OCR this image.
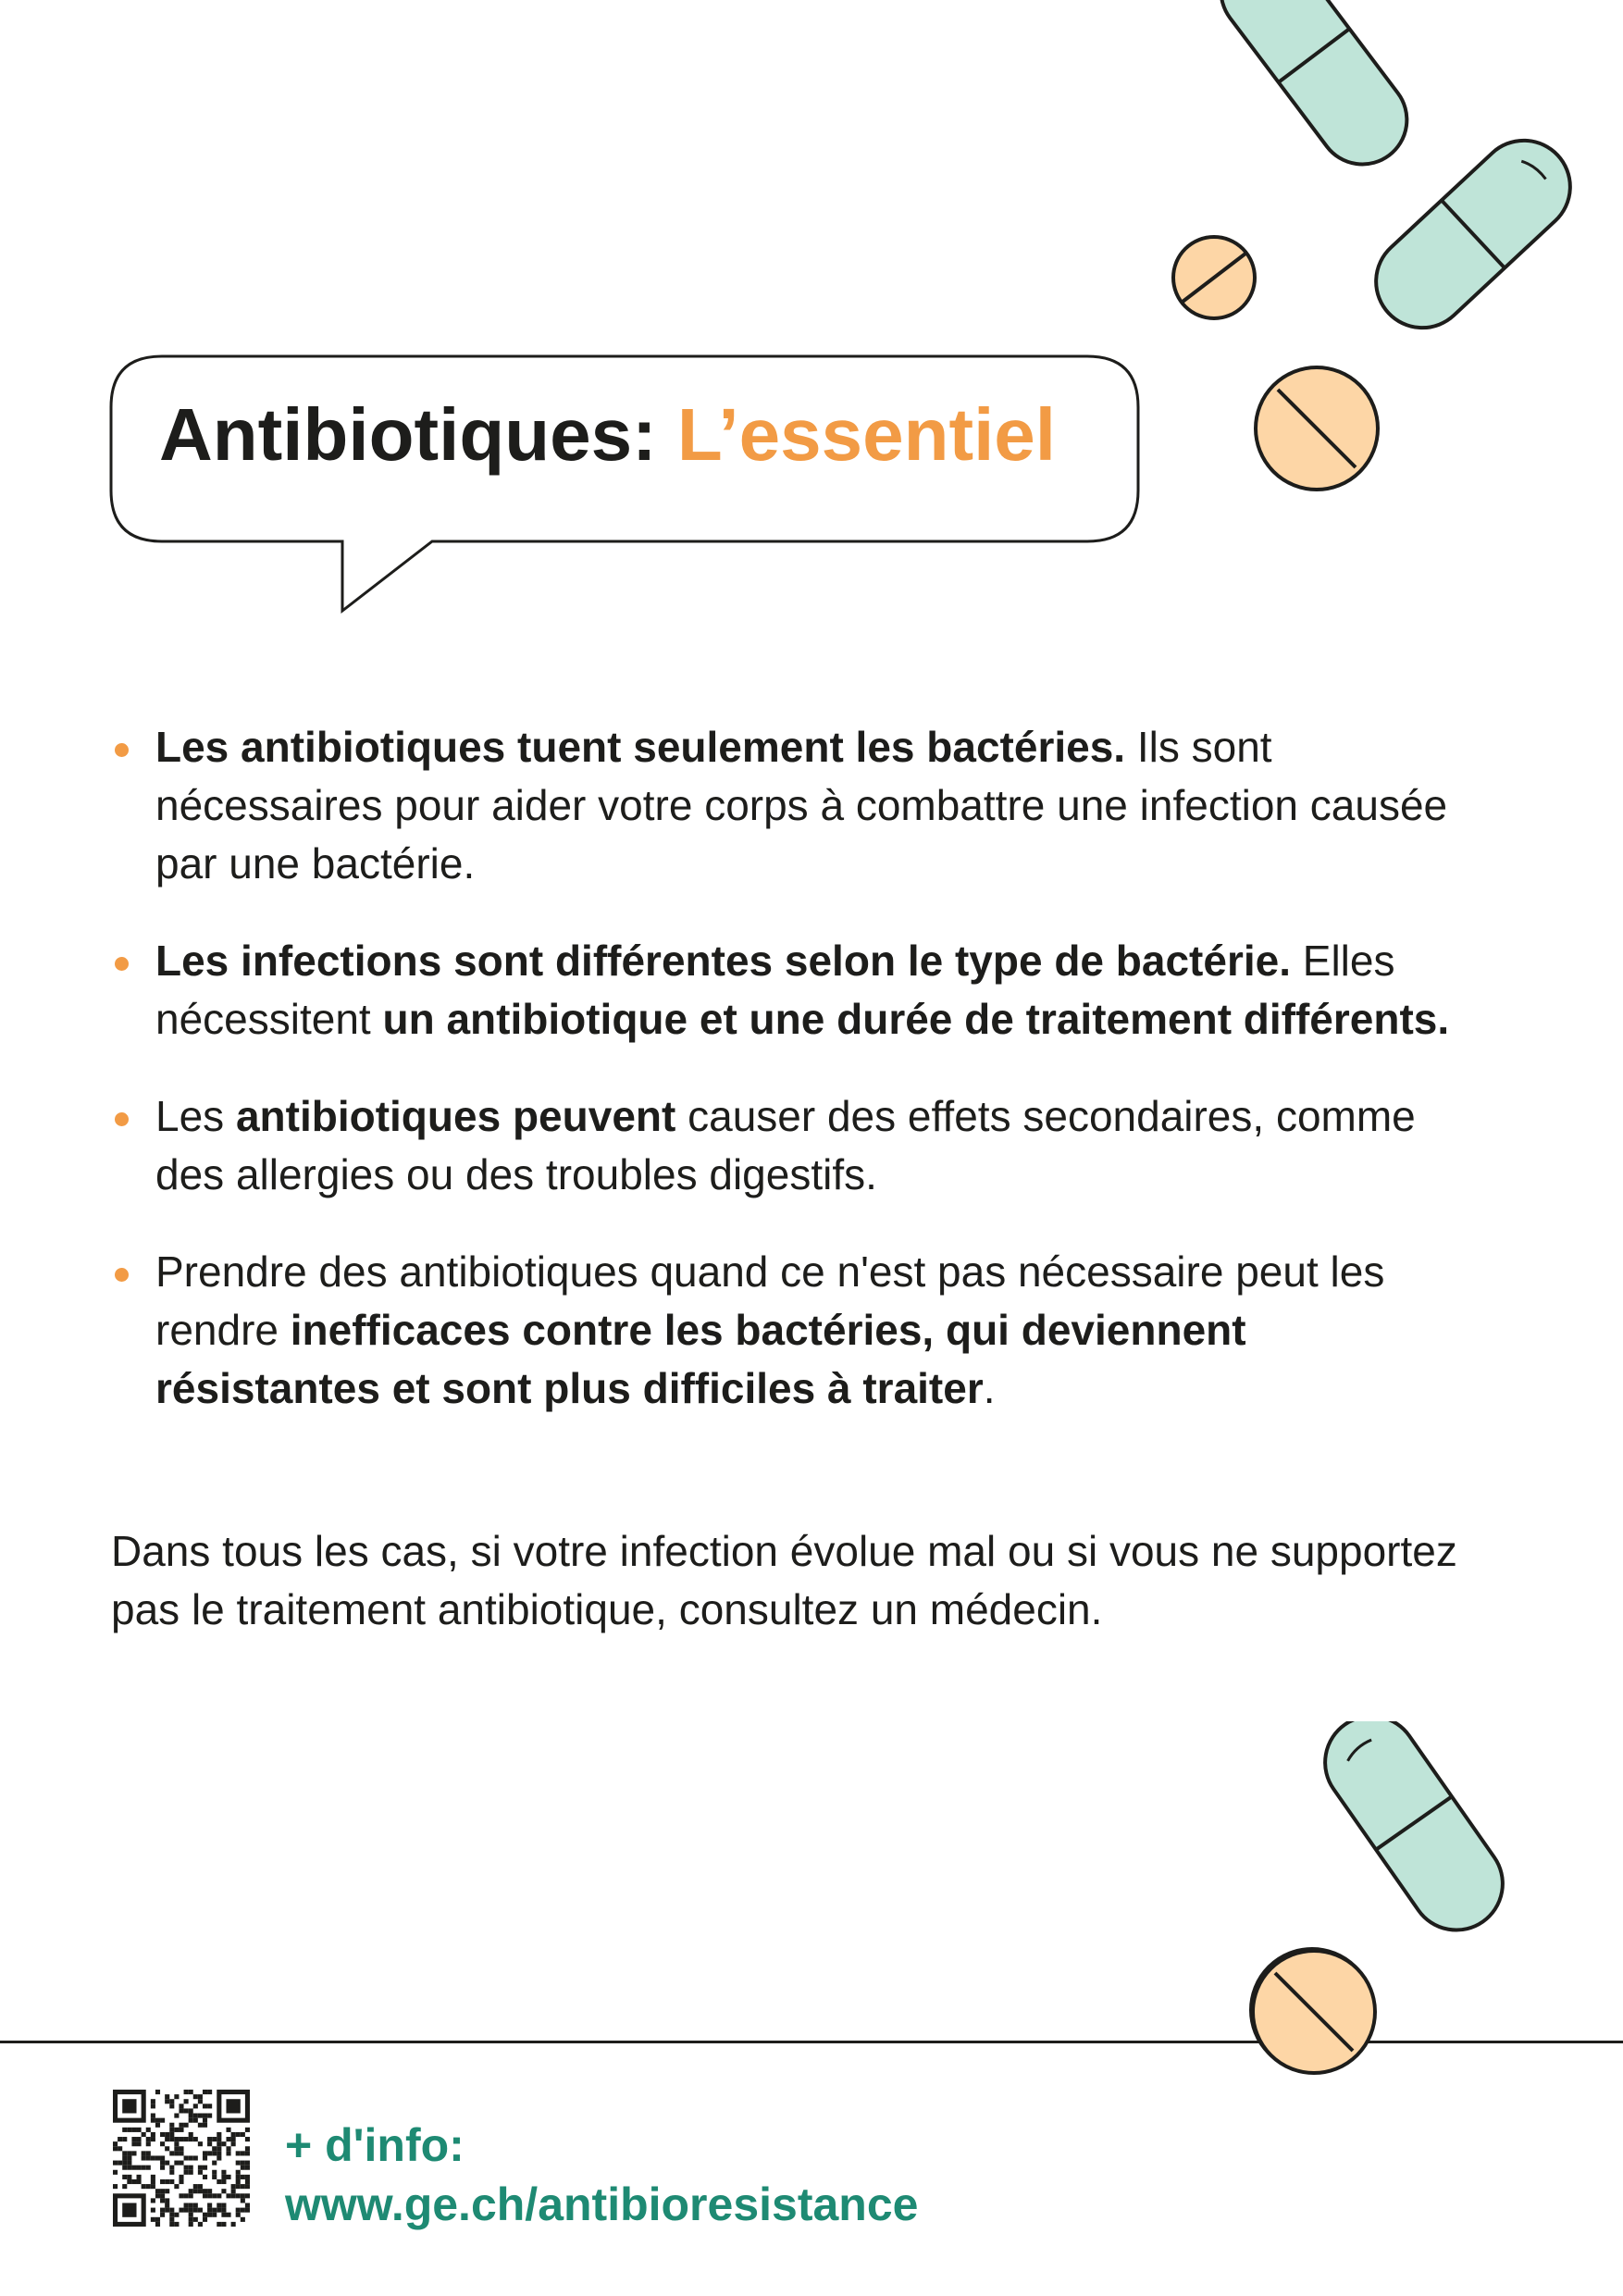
Antibiotiques: L’essentiel
Les antibiotiques tuent seulement les bactéries. Ils sont nécessaires pour aider votre corps à combattre une infection causée par une bactérie.
Les infections sont différentes selon le type de bactérie. Elles nécessitent un antibiotique et une durée de traitement différents.
Les antibiotiques peuvent causer des effets secondaires, comme des allergies ou des troubles digestifs.
Prendre des antibiotiques quand ce n'est pas nécessaire peut les rendre inefficaces contre les bactéries, qui deviennent résistantes et sont plus difficiles à traiter.

Dans tous les cas, si votre infection évolue mal ou si vous ne supportez pas le traitement antibiotique, consultez un médecin.

+ d'info:
www.ge.ch/antibioresistance
